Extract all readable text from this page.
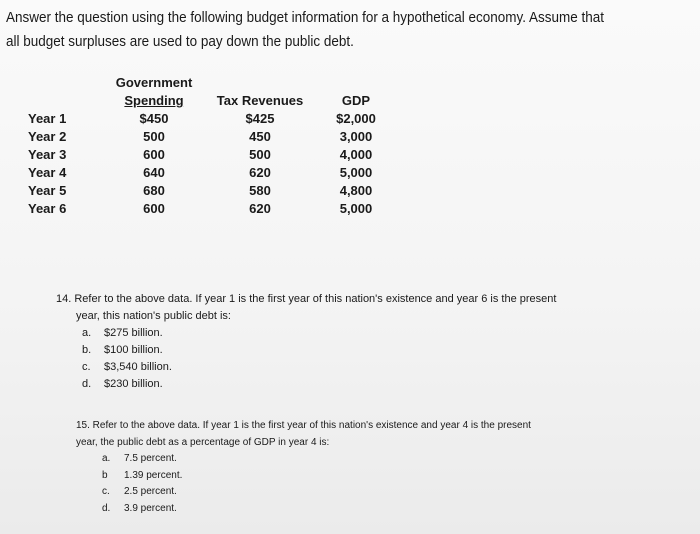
Answer the question using the following budget information for a hypothetical economy. Assume that
all budget surpluses are used to pay down the public debt.
	Government		
	Spending	Tax Revenues	GDP
Year 1	$450	$425	$2,000
Year 2	500	450	3,000
Year 3	600	500	4,000
Year 4	640	620	5,000
Year 5	680	580	4,800
Year 6	600	620	5,000
14. Refer to the above data. If year 1 is the first year of this nation's existence and year 6 is the present
year, this nation's public debt is:
a.	$275 billion.
b.	$100 billion.
c.	$3,540 billion.
d.	$230 billion.
15. Refer to the above data. If year 1 is the first year of this nation's existence and year 4 is the present
year, the public debt as a percentage of GDP in year 4 is:
a.	7.5 percent.
b	1.39 percent.
c.	2.5 percent.
d.	3.9 percent.
